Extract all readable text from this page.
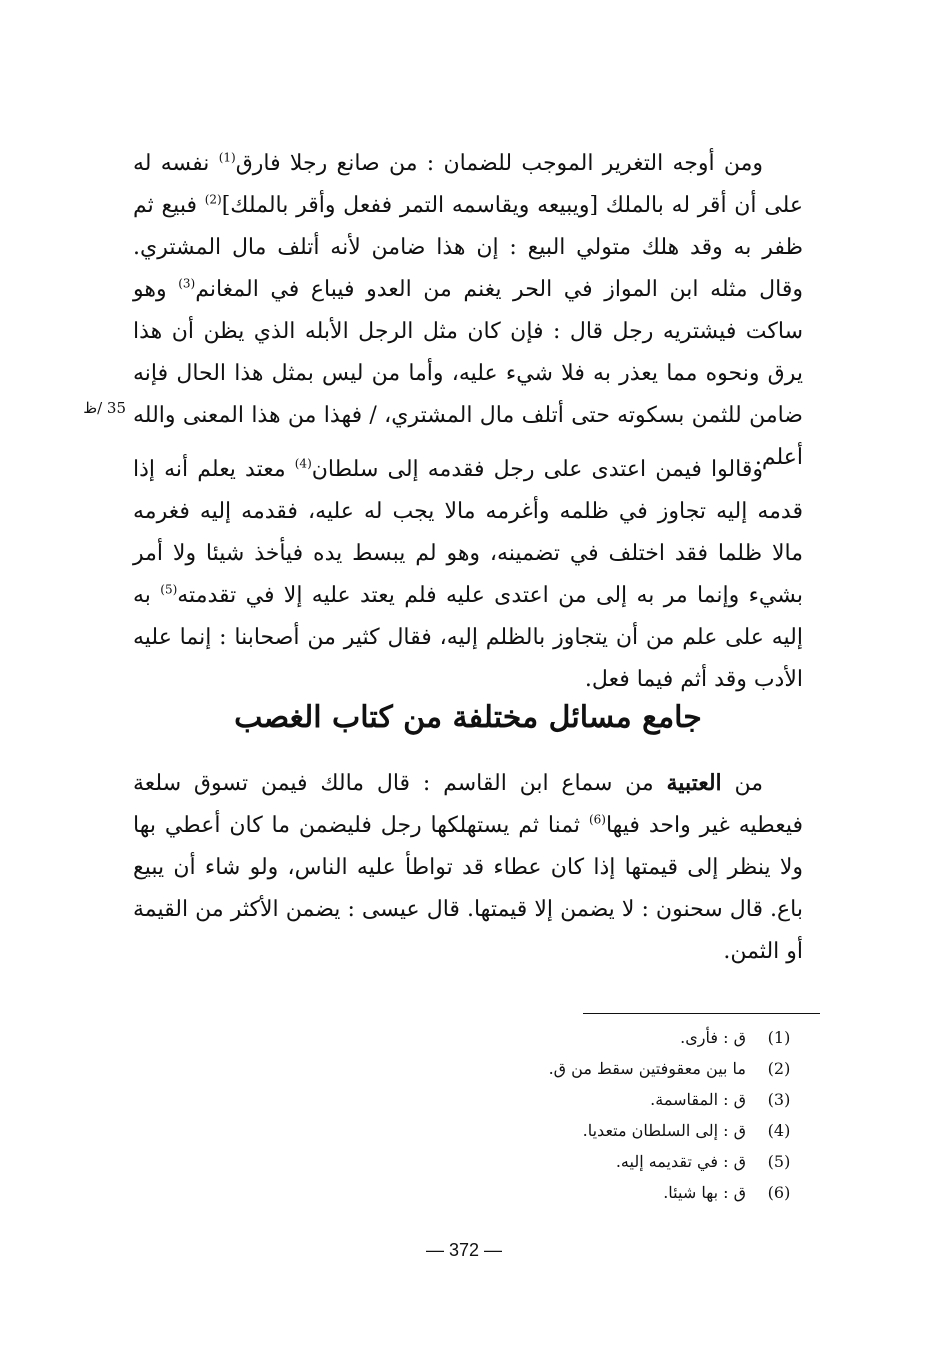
ومن أوجه التغرير الموجب للضمان : من صانع رجلا فارق$^{(1)}$ نفسه له على أن أقر له بالملك [ويبيعه ويقاسمه التمر ففعل وأقر بالملك]$^{(2)}$ فبيع ثم ظفر به وقد هلك متولي البيع : إن هذا ضامن لأنه أتلف مال المشتري. وقال مثله ابن المواز في الحر يغنم من العدو فيباع في المغانم$^{(3)}$ وهو ساكت فيشتريه رجل قال : فإن كان مثل الرجل الأبله الذي يظن أن هذا يرق ونحوه مما يعذر به فلا شيء عليه، وأما من ليس بمثل هذا الحال فإنه ضامن للثمن بسكوته حتى أتلف مال المشتري، / فهذا من هذا المعنى والله أعلم.

35 /ظ

وقالوا فيمن اعتدى على رجل فقدمه إلى سلطان$^{(4)}$ معتد يعلم أنه إذا قدمه إليه تجاوز في ظلمه وأغرمه مالا يجب له عليه، فقدمه إليه فغرمه مالا ظلما فقد اختلف في تضمينه، وهو لم يبسط يده فيأخذ شيئا ولا أمر بشيء وإنما مر به إلى من اعتدى عليه فلم يعتد عليه إلا في تقدمته$^{(5)}$ به إليه على علم من أن يتجاوز بالظلم إليه، فقال كثير من أصحابنا : إنما عليه الأدب وقد أثم فيما فعل.

جامع مسائل مختلفة من كتاب الغصب

من العتبية من سماع ابن القاسم : قال مالك فيمن تسوق سلعة فيعطيه غير واحد فيها$^{(6)}$ ثمنا ثم يستهلكها رجل فليضمن ما كان أعطي بها ولا ينظر إلى قيمتها إذا كان عطاء قد تواطأ عليه الناس، ولو شاء أن يبيع باع. قال سحنون : لا يضمن إلا قيمتها. قال عيسى : يضمن الأكثر من القيمة أو الثمن.

(1)
ق : فأرى.
(2)
ما بين معقوفتين سقط من ق.
(3)
ق : المقاسمة.
(4)
ق : إلى السلطان متعديا.
(5)
ق : في تقديمه إليه.
(6)
ق : بها شيئا.
— 372 —
